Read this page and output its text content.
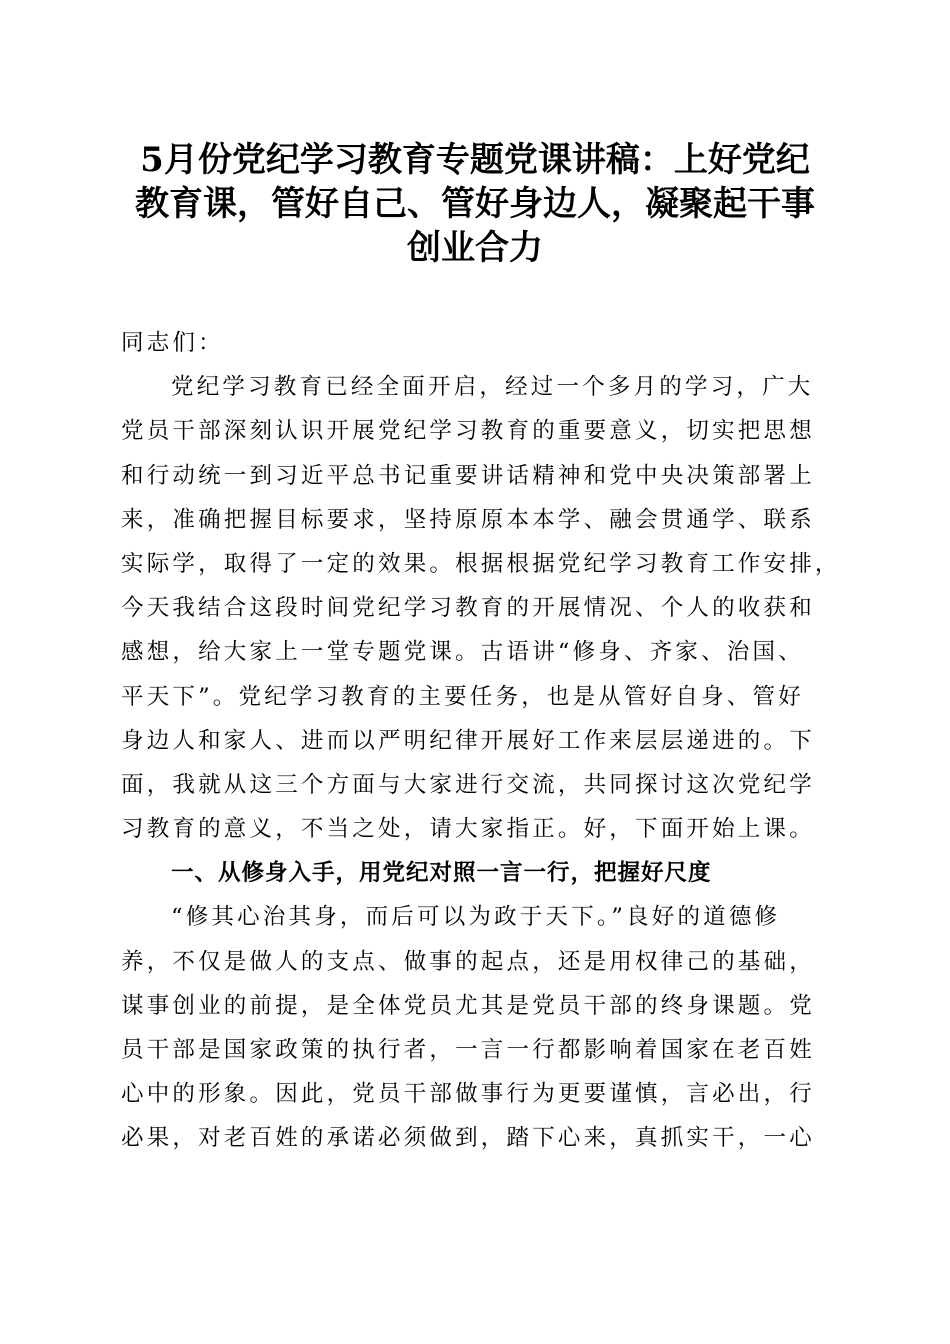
5月份党纪学习教育专题党课讲稿：上好党纪
教育课，管好自己、管好身边人，凝聚起干事
创业合力
同志们：
党纪学习教育已经全面开启，经过一个多月的学习，广大
党员干部深刻认识开展党纪学习教育的重要意义，切实把思想
和行动统一到习近平总书记重要讲话精神和党中央决策部署上
来，准确把握目标要求，坚持原原本本学、融会贯通学、联系
实际学，取得了一定的效果。根据根据党纪学习教育工作安排，
今天我结合这段时间党纪学习教育的开展情况、个人的收获和
感想，给大家上一堂专题党课。古语讲“修身、齐家、治国、
平天下”。党纪学习教育的主要任务，也是从管好自身、管好
身边人和家人、进而以严明纪律开展好工作来层层递进的。下
面，我就从这三个方面与大家进行交流，共同探讨这次党纪学
习教育的意义，不当之处，请大家指正。好，下面开始上课。
一、从修身入手，用党纪对照一言一行，把握好尺度
“修其心治其身，而后可以为政于天下。”良好的道德修
养，不仅是做人的支点、做事的起点，还是用权律己的基础，
谋事创业的前提，是全体党员尤其是党员干部的终身课题。党
员干部是国家政策的执行者，一言一行都影响着国家在老百姓
心中的形象。因此，党员干部做事行为更要谨慎，言必出，行
必果，对老百姓的承诺必须做到，踏下心来，真抓实干，一心
